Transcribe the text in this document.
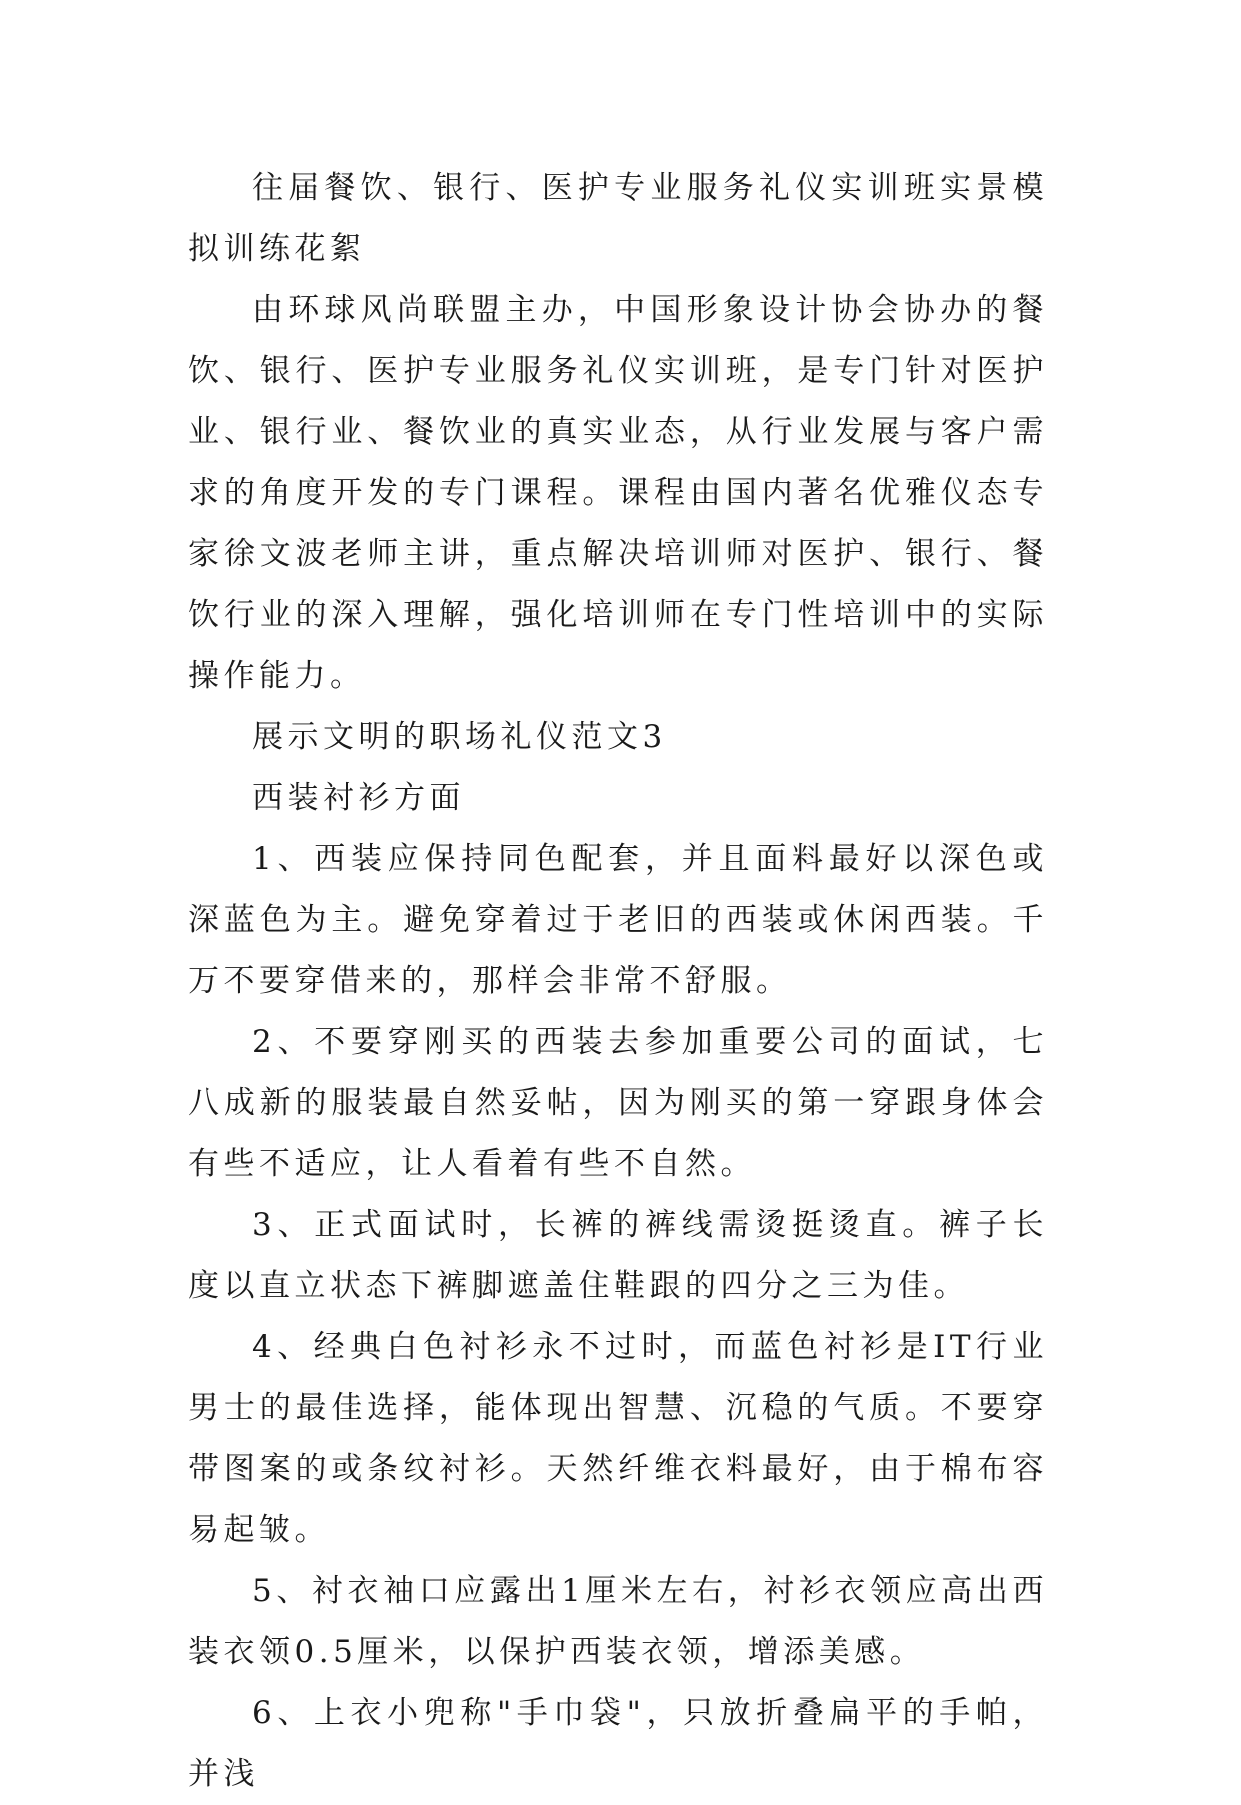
往届餐饮、银行、医护专业服务礼仪实训班实景模拟训练花絮

由环球风尚联盟主办，中国形象设计协会协办的餐饮、银行、医护专业服务礼仪实训班，是专门针对医护业、银行业、餐饮业的真实业态，从行业发展与客户需求的角度开发的专门课程。课程由国内著名优雅仪态专家徐文波老师主讲，重点解决培训师对医护、银行、餐饮行业的深入理解，强化培训师在专门性培训中的实际操作能力。

展示文明的职场礼仪范文3

西装衬衫方面

1、西装应保持同色配套，并且面料最好以深色或深蓝色为主。避免穿着过于老旧的西装或休闲西装。千万不要穿借来的，那样会非常不舒服。

2、不要穿刚买的西装去参加重要公司的面试，七八成新的服装最自然妥帖，因为刚买的第一穿跟身体会有些不适应，让人看着有些不自然。

3、正式面试时，长裤的裤线需烫挺烫直。裤子长度以直立状态下裤脚遮盖住鞋跟的四分之三为佳。

4、经典白色衬衫永不过时，而蓝色衬衫是IT行业男士的最佳选择，能体现出智慧、沉稳的气质。不要穿带图案的或条纹衬衫。天然纤维衣料最好，由于棉布容易起皱。

5、衬衣袖口应露出1厘米左右，衬衫衣领应高出西装衣领0.5厘米，以保护西装衣领，增添美感。

6、上衣小兜称"手巾袋"，只放折叠扁平的手帕，并浅
